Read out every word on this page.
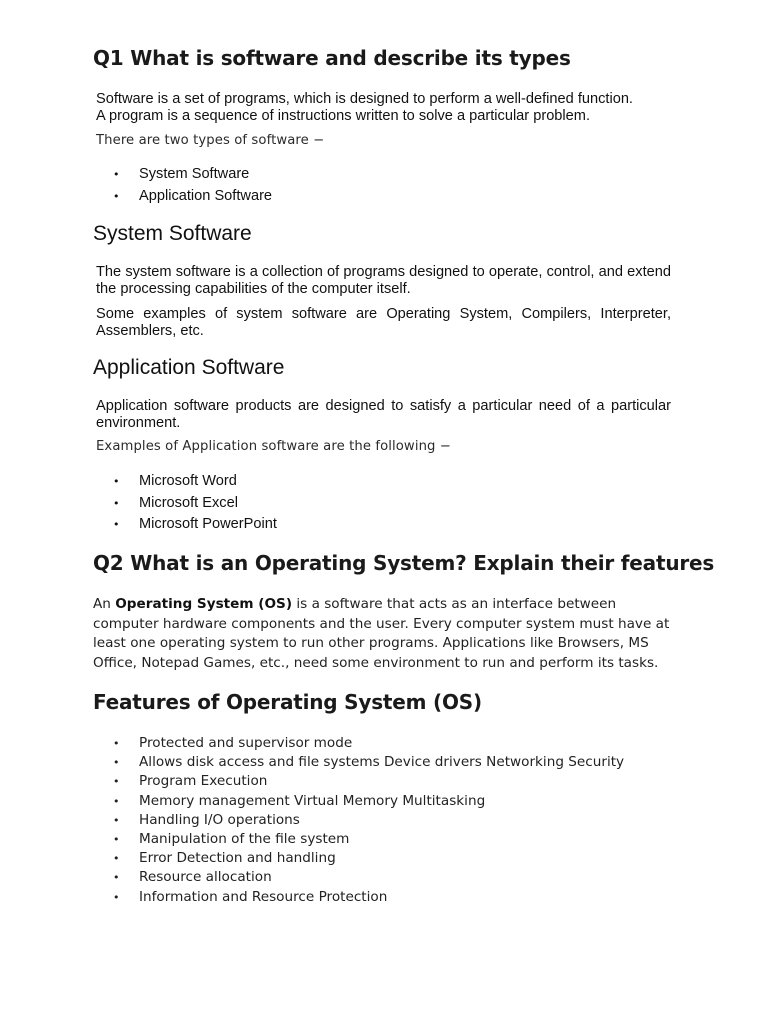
Q1 What is software and describe its types

Software is a set of programs, which is designed to perform a well-defined function.
A program is a sequence of instructions written to solve a particular problem.

There are two types of software −

• System Software
• Application Software
System Software

The system software is a collection of programs designed to operate, control, and extend the processing capabilities of the computer itself.

Some examples of system software are Operating System, Compilers, Interpreter, Assemblers, etc.

Application Software

Application software products are designed to satisfy a particular need of a particular environment.

Examples of Application software are the following −

• Microsoft Word
• Microsoft Excel
• Microsoft PowerPoint
Q2 What is an Operating System? Explain their features

An Operating System (OS) is a software that acts as an interface between computer hardware components and the user. Every computer system must have at least one operating system to run other programs. Applications like Browsers, MS Office, Notepad Games, etc., need some environment to run and perform its tasks.

Features of Operating System (OS)
• Protected and supervisor mode
• Allows disk access and file systems Device drivers Networking Security
• Program Execution
• Memory management Virtual Memory Multitasking
• Handling I/O operations
• Manipulation of the file system
• Error Detection and handling
• Resource allocation
• Information and Resource Protection
